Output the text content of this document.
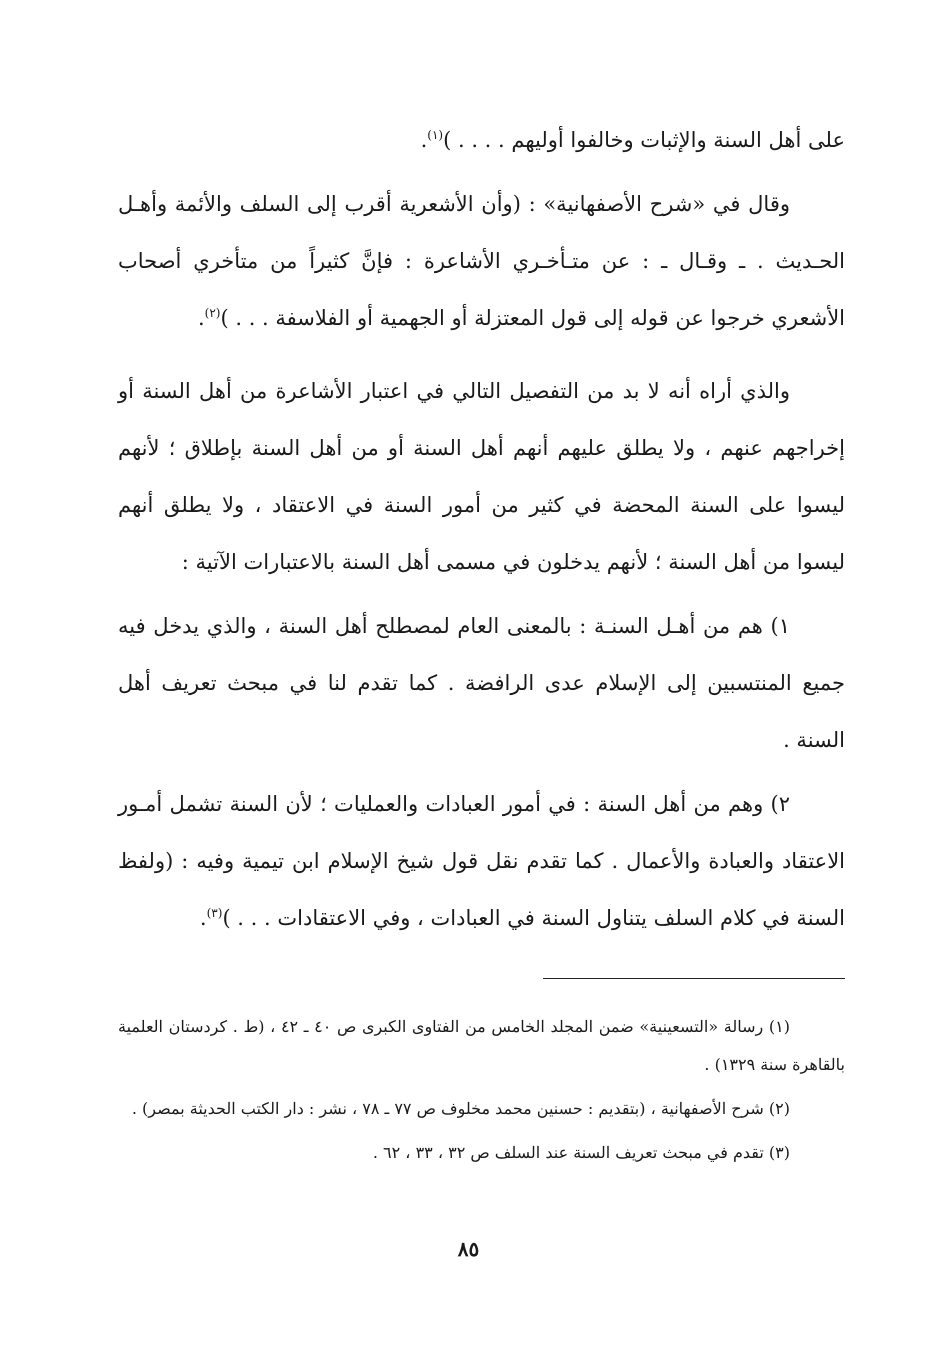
على أهل السنة والإثبات وخالفوا أوليهم . . . . )$^{(١)}$.

وقال في «شرح الأصفهانية» : (وأن الأشعرية أقرب إلى السلف والأئمة وأهـل الحـديث . ـ وقـال ـ : عن متـأخـري الأشاعرة : فإنَّ كثيراً من متأخري أصحاب الأشعري خرجوا عن قوله إلى قول المعتزلة أو الجهمية أو الفلاسفة . . . )$^{(٢)}$.

والذي أراه أنه لا بد من التفصيل التالي في اعتبار الأشاعرة من أهل السنة أو إخراجهم عنهم ، ولا يطلق عليهم أنهم أهل السنة أو من أهل السنة بإطلاق ؛ لأنهم ليسوا على السنة المحضة في كثير من أمور السنة في الاعتقاد ، ولا يطلق أنهم ليسوا من أهل السنة ؛ لأنهم يدخلون في مسمى أهل السنة بالاعتبارات الآتية :

١) هم من أهـل السنـة : بالمعنى العام لمصطلح أهل السنة ، والذي يدخل فيه جميع المنتسبين إلى الإسلام عدى الرافضة . كما تقدم لنا في مبحث تعريف أهل السنة .

٢) وهم من أهل السنة : في أمور العبادات والعمليات ؛ لأن السنة تشمل أمـور الاعتقاد والعبادة والأعمال . كما تقدم نقل قول شيخ الإسلام ابن تيمية وفيه : (ولفظ السنة في كلام السلف يتناول السنة في العبادات ، وفي الاعتقادات . . . )$^{(٣)}$.

(١) رسالة «التسعينية» ضمن المجلد الخامس من الفتاوى الكبرى ص ٤٠ ـ ٤٢ ، (ط . كردستان العلمية بالقاهرة سنة ١٣٢٩) .

(٢) شرح الأصفهانية ، (بتقديم : حسنين محمد مخلوف ص ٧٧ ـ ٧٨ ، نشر : دار الكتب الحديثة بمصر) .

(٣) تقدم في مبحث تعريف السنة عند السلف ص ٣٢ ، ٣٣ ، ٦٢ .

٨٥
